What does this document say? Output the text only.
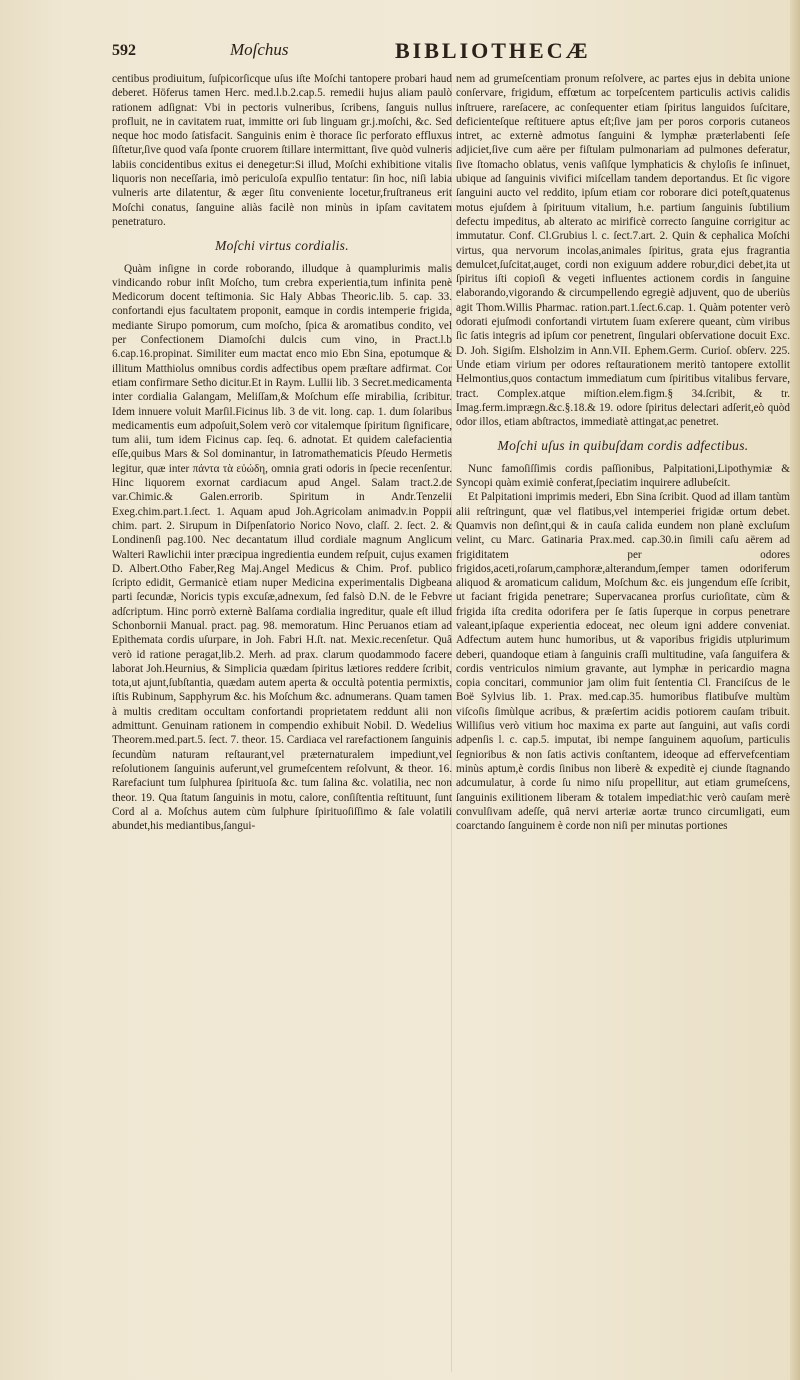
592	Moſchus	BIBLIOTHECÆ

centibus prodiuitum, ſuſpicorſicque uſus iſte Moſchi tantopere probari haud deberet. Höferus tamen Herc. med.l.b.2.cap.5. remedii hujus aliam paulò rationem adſignat: Vbi in pectoris vulneribus, ſcribens, ſanguis nullus profluit, ne in cavitatem ruat, immitte ori ſub linguam gr.j.moſchi, &c. Sed neque hoc modo ſatisfacit. Sanguinis enim è thorace ſic perforato effluxus ſiſtetur,ſive quod vaſa ſponte cruorem ſtillare intermittant, ſive quòd vulneris labiis concidentibus exitus ei denegetur:Si illud, Moſchi exhibitione vitalis liquoris non neceſſaria, imò periculoſa expulſio tentatur: ſin hoc, niſi labia vulneris arte dilatentur, & æger ſitu conveniente locetur,fruſtraneus erit Moſchi conatus, ſanguine aliàs facilè non minùs in ipſam cavitatem penetraturo.

Moſchi virtus cordialis.

Quàm inſigne in corde roborando, illudque à quamplurimis malis vindicando robur inſit Moſcho, tum crebra experientia,tum infinita penè Medicorum docent teſtimonia. Sic Haly Abbas Theoric.lib. 5. cap. 33. confortandi ejus facultatem proponit, eamque in cordis intemperie frigida, mediante Sirupo pomorum, cum moſcho, ſpica & aromatibus condito, vel per Confectionem Diamoſchi dulcis cum vino, in Pract.l.b 6.cap.16.propinat. Similiter eum mactat enco mio Ebn Sina, epotumque & illitum Matthiolus omnibus cordis adfectibus opem præſtare adfirmat. Cor etiam confirmare Setho dicitur.Et in Raym. Lullii lib. 3 Secret.medicamenta inter cordialia Galangam, Meliſſam,& Moſchum eſſe mirabilia, ſcribitur. Idem innuere voluit Marſil.Ficinus lib. 3 de vit. long. cap. 1. dum ſolaribus medicamentis eum adpoſuit,Solem verò cor vitalemque ſpiritum ſignificare, tum alii, tum idem Ficinus cap. ſeq. 6. adnotat. Et quidem calefacientia eſſe,quibus Mars & Sol dominantur, in Iatromathematicis Pſeudo Hermetis legitur, quæ inter πάντα τὰ εὐώδη, omnia grati odoris in ſpecie recenſentur. Hinc liquorem exornat cardiacum apud Angel. Salam tract.2.de var.Chimic.& Galen.errorib. Spiritum in Andr.Tenzelii Exeg.chim.part.1.ſect. 1. Aquam apud Joh.Agricolam animadv.in Poppii chim. part. 2. Sirupum in Diſpenſatorio Norico Novo, claſſ. 2. ſect. 2. & Londinenſi pag.100. Nec decantatum illud cordiale magnum Anglicum Walteri Rawlichii inter præcipua ingredientia eundem reſpuit, cujus examen D. Albert.Otho Faber,Reg Maj.Angel Medicus & Chim. Prof. publico ſcripto edidit, Germanicè etiam nuper Medicina experimentalis Digbeana parti ſecundæ, Noricis typis excuſæ,adnexum, ſed falsò D.N. de le Febvre adſcriptum. Hinc porrò externè Balſama cordialia ingreditur, quale eſt illud Schonbornii Manual. pract. pag. 98. memoratum. Hinc Peruanos etiam ad Epithemata cordis uſurpare, in Joh. Fabri H.ſt. nat. Mexic.recenſetur. Quâ verò id ratione peragat,lib.2. Merh. ad prax. clarum quodammodo facere laborat Joh.Heurnius, & Simplicia quædam ſpiritus lætiores reddere ſcribit, tota,ut ajunt,ſubſtantia, quædam autem aperta & occultà potentia permixtis, iſtis Rubinum, Sapphyrum &c. his Moſchum &c. adnumerans. Quam tamen à multis creditam occultam confortandi proprietatem reddunt alii non admittunt. Genuinam rationem in compendio exhibuit Nobil. D. Wedelius Theorem.med.part.5. ſect. 7. theor. 15. Cardiaca vel rarefactionem ſanguinis ſecundùm naturam reſtaurant,vel præternaturalem impediunt,vel reſolutionem ſanguinis auferunt,vel grumeſcentem reſolvunt, & theor. 16. Rarefaciunt tum ſulphurea ſpirituoſa &c. tum ſalina &c. volatilia, nec non theor. 19. Qua ſtatum ſanguinis in motu, calore, conſiſtentia reſtituunt, ſunt Cord al a. Moſchus autem cùm ſulphure ſpirituoſiſſimo & ſale volatili abundet,his mediantibus,ſangui-

nem ad grumeſcentiam pronum reſolvere, ac partes ejus in debita unione conſervare, frigidum, effœtum ac torpeſcentem particulis activis calidis inſtruere, rareſacere, ac conſequenter etiam ſpiritus languidos ſuſcitare, deficienteſque reſtituere aptus eſt;ſive jam per poros corporis cutaneos intret, ac externè admotus ſanguini & lymphæ præterlabenti ſeſe adjiciet,ſive cum aëre per fiſtulam pulmonariam ad pulmones deferatur, ſive ſtomacho oblatus, venis vaſiſque lymphaticis & chyloſis ſe inſinuet, ubique ad ſanguinis vivifici miſcellam tandem deportandus. Et ſic vigore ſanguini aucto vel reddito, ipſum etiam cor roborare dici poteſt,quatenus motus ejuſdem à ſpirituum vitalium, h.e. partium ſanguinis ſubtilium defectu impeditus, ab alterato ac mirificè correcto ſanguine corrigitur ac immutatur. Conf. Cl.Grubius l. c. ſect.7.art. 2. Quin & cephalica Moſchi virtus, qua nervorum incolas,animales ſpiritus, grata ejus fragrantia demulcet,ſuſcitat,auget, cordi non exiguum addere robur,dici debet,ita ut ſpiritus iſti copioſi & vegeti influentes actionem cordis in ſanguine elaborando,vigorando & circumpellendo egregiè adjuvent, quo de uberiùs agit Thom.Willis Pharmac. ration.part.1.ſect.6.cap. 1. Quàm potenter verò odorati ejuſmodi confortandi virtutem ſuam exſerere queant, cùm viribus ſic ſatis integris ad ipſum cor penetrent, ſingulari obſervatione docuit Exc. D. Joh. Sigiſm. Elsholzim in Ann.VII. Ephem.Germ. Curioſ. obſerv. 225. Unde etiam virium per odores reſtaurationem meritò tantopere extollit Helmontius,quos contactum immediatum cum ſpiritibus vitalibus fervare, tract. Complex.atque miſtion.elem.figm.§ 34.ſcribit, & tr. Imag.ferm.imprægn.&c.§.18.& 19. odore ſpiritus delectari adſerit,eò quòd odor illos, etiam abſtractos, immediatè attingat,ac penetret.

Moſchi uſus in quibuſdam cordis adfectibus.

Nunc famoſiſſimis cordis paſſionibus, Palpitationi,Lipothymiæ & Syncopi quàm eximiè conferat,ſpeciatim inquirere adlubeſcit.

Et Palpitationi imprimis mederi, Ebn Sina ſcribit. Quod ad illam tantùm alii reſtringunt, quæ vel flatibus,vel intemperiei frigidæ ortum debet. Quamvis non deſint,qui & in cauſa calida eundem non planè excluſum velint, cu Marc. Gatinaria Prax.med. cap.30.in ſimili caſu aërem ad frigiditatem per odores frigidos,aceti,roſarum,camphoræ,alterandum,ſemper tamen odoriferum aliquod & aromaticum calidum, Moſchum &c. eis jungendum eſſe ſcribit, ut faciant frigida penetrare; Supervacanea prorſus curioſitate, cùm & frigida iſta credita odorifera per ſe ſatis ſuperque in corpus penetrare valeant,ipſaque experientia edoceat, nec oleum igni addere conveniat. Adfectum autem hunc humoribus, ut & vaporibus frigidis utplurimum deberi, quandoque etiam à ſanguinis craſſi multitudine, vaſa ſanguifera & cordis ventriculos nimium gravante, aut lymphæ in pericardio magna copia concitari, communior jam olim fuit ſententia Cl. Franciſcus de le Boë Sylvius lib. 1. Prax. med.cap.35. humoribus flatibuſve multùm viſcoſis ſimùlque acribus, & præſertim acidis potiorem cauſam tribuit. Williſius verò vitium hoc maxima ex parte aut ſanguini, aut vaſis cordi adpenſis l. c. cap.5. imputat, ibi nempe ſanguinem aquoſum, particulis ſegnioribus & non ſatis activis conſtantem, ideoque ad effervefcentiam minùs aptum,è cordis ſinibus non liberè & expeditè ej ciunde ſtagnando adcumulatur, à corde ſu nimo niſu propellitur, aut etiam grumeſcens, ſanguinis exilitionem liberam & totalem impediat:hic verò cauſam merè convulſivam adeſſe, quâ nervi arteriæ aortæ trunco circumligati, eum coarctando ſanguinem è corde non niſi per minutas portiones
